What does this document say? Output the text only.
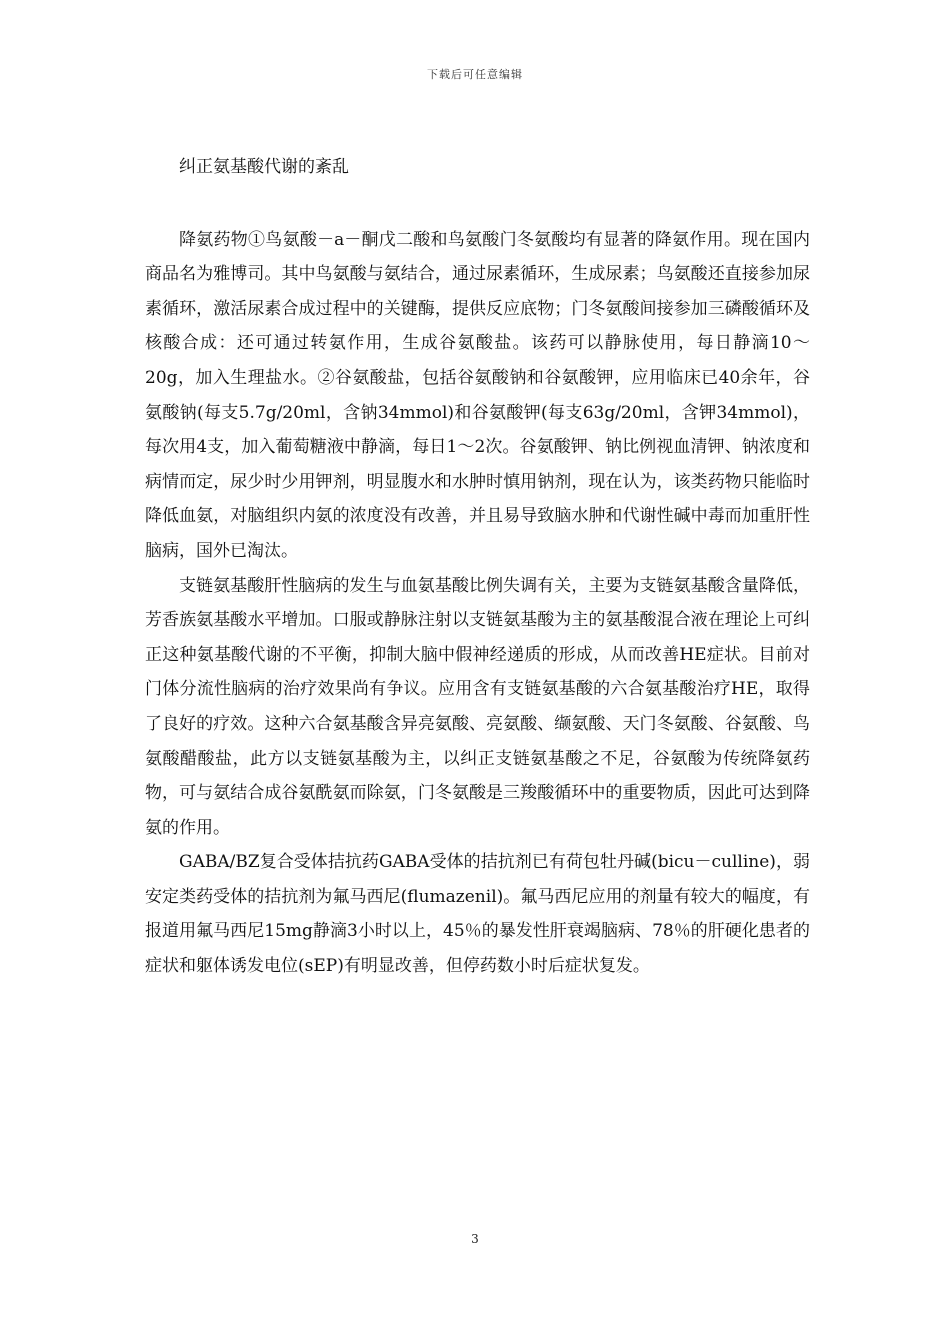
下载后可任意编辑
纠正氨基酸代谢的紊乱

降氨药物①鸟氨酸－a－酮戊二酸和鸟氨酸门冬氨酸均有显著的降氨作用。现在国内商品名为雅博司。其中鸟氨酸与氨结合，通过尿素循环，生成尿素；鸟氨酸还直接参加尿素循环，激活尿素合成过程中的关键酶，提供反应底物；门冬氨酸间接参加三磷酸循环及核酸合成：还可通过转氨作用，生成谷氨酸盐。该药可以静脉使用，每日静滴10～20g，加入生理盐水。②谷氨酸盐，包括谷氨酸钠和谷氨酸钾，应用临床已40余年，谷氨酸钠(每支5.7g/20ml，含钠34mmol)和谷氨酸钾(每支63g/20ml，含钾34mmol)，每次用4支，加入葡萄糖液中静滴，每日1～2次。谷氨酸钾、钠比例视血清钾、钠浓度和病情而定，尿少时少用钾剂，明显腹水和水肿时慎用钠剂，现在认为，该类药物只能临时降低血氨，对脑组织内氨的浓度没有改善，并且易导致脑水肿和代谢性碱中毒而加重肝性脑病，国外已淘汰。

支链氨基酸肝性脑病的发生与血氨基酸比例失调有关，主要为支链氨基酸含量降低，芳香族氨基酸水平增加。口服或静脉注射以支链氨基酸为主的氨基酸混合液在理论上可纠正这种氨基酸代谢的不平衡，抑制大脑中假神经递质的形成，从而改善HE症状。目前对门体分流性脑病的治疗效果尚有争议。应用含有支链氨基酸的六合氨基酸治疗HE，取得了良好的疗效。这种六合氨基酸含异亮氨酸、亮氨酸、缬氨酸、天门冬氨酸、谷氨酸、鸟氨酸醋酸盐，此方以支链氨基酸为主，以纠正支链氨基酸之不足，谷氨酸为传统降氨药物，可与氨结合成谷氨酰氨而除氨，门冬氨酸是三羧酸循环中的重要物质，因此可达到降氨的作用。

GABA/BZ复合受体拮抗药GABA受体的拮抗剂已有荷包牡丹碱(bicu－culline)，弱安定类药受体的拮抗剂为氟马西尼(flumazenil)。氟马西尼应用的剂量有较大的幅度，有报道用氟马西尼15mg静滴3小时以上，45％的暴发性肝衰竭脑病、78％的肝硬化患者的症状和躯体诱发电位(sEP)有明显改善，但停药数小时后症状复发。

3
